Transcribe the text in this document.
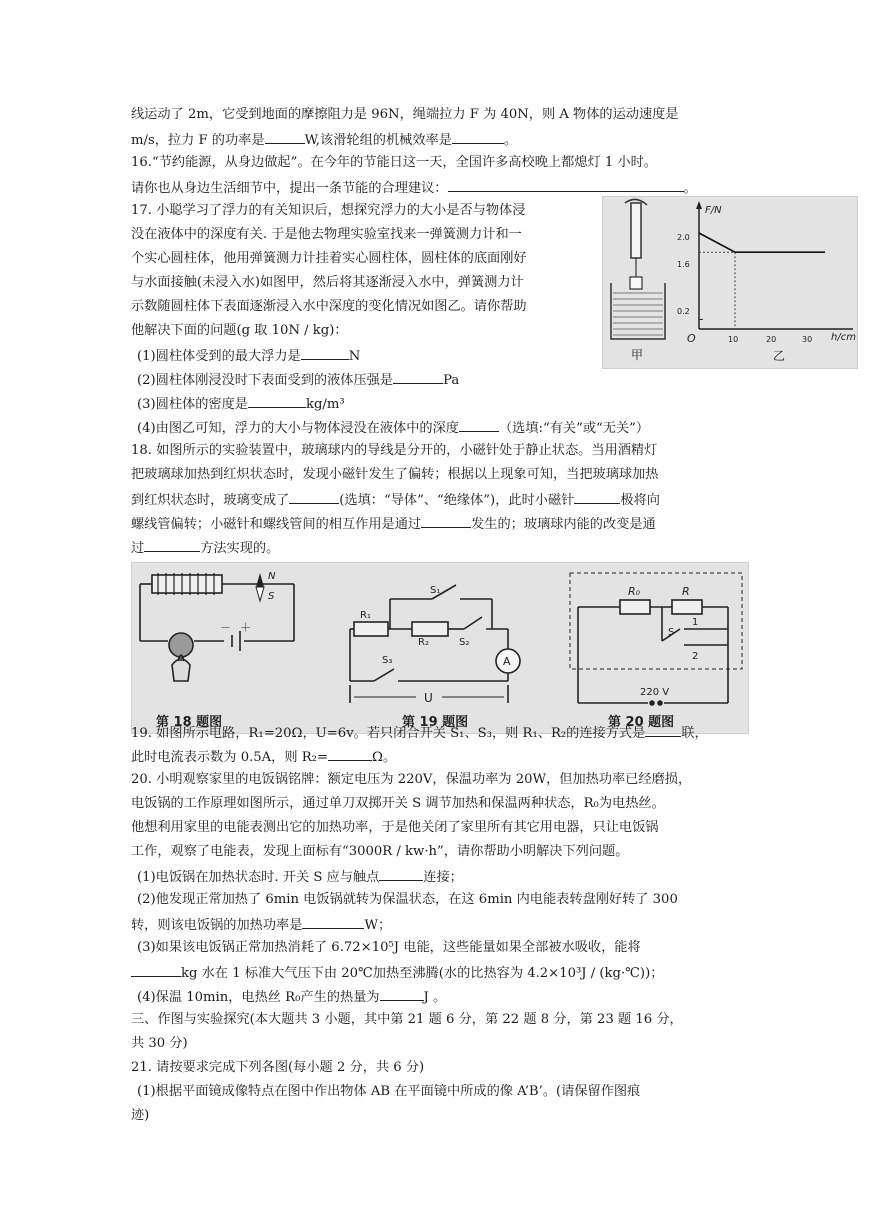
线运动了 2m，它受到地面的摩擦阻力是 96N，绳端拉力 F 为 40N，则 A 物体的运动速度是
m/s，拉力 F 的功率是	W,该滑轮组的机械效率是	。
16.“节约能源，从身边做起”。在今年的节能日这一天，全国许多高校晚上都熄灯 1 小时。
请你也从身边生活细节中，提出一条节能的合理建议：	。
17. 小聪学习了浮力的有关知识后，想探究浮力的大小是否与物体浸
没在液体中的深度有关. 于是他去物理实验室找来一弹簧测力计和一
个实心圆柱体，他用弹簧测力计挂着实心圆柱体，圆柱体的底面刚好
与水面接触(未浸入水)如图甲，然后将其逐渐浸入水中，弹簧测力计
示数随圆柱体下表面逐渐浸入水中深度的变化情况如图乙。请你帮助
他解决下面的问题(g 取 10N / kg)：
(1)圆柱体受到的最大浮力是	N
(2)圆柱体刚浸没时下表面受到的液体压强是	Pa
(3)圆柱体的密度是	kg/m³
(4)由图乙可知，浮力的大小与物体浸没在液体中的深度	（选填:“有关”或“无关”）
甲
F/N
h/cm
O
2.0
1.6
0.2
10	20	30
乙
18. 如图所示的实验装置中，玻璃球内的导线是分开的，小磁针处于静止状态。当用酒精灯
把玻璃球加热到红炽状态时，发现小磁针发生了偏转；根据以上现象可知，当把玻璃球加热
到红炽状态时，玻璃变成了	(选填：“导体”、“绝缘体”)，此时小磁针	极将向
螺线管偏转；小磁针和螺线管间的相互作用是通过	发生的；玻璃球内能的改变是通
过	方法实现的。
N
S
－ ＋
第 18 题图
S₁
R₁
R₂	S₂
S₃	A
U
第 19 题图
R₀	R
S
1
2
220 V
第 20 题图
19. 如图所示电路，R₁=20Ω，U=6v。若只闭合开关 S₁、S₃，则 R₁、R₂的连接方式是	联，
此时电流表示数为 0.5A，则 R₂=	Ω。
20. 小明观察家里的电饭锅铭牌：额定电压为 220V，保温功率为 20W，但加热功率已经磨损，
电饭锅的工作原理如图所示，通过单刀双掷开关 S 调节加热和保温两种状态，R₀为电热丝。
他想利用家里的电能表测出它的加热功率，于是他关闭了家里所有其它用电器，只让电饭锅
工作，观察了电能表，发现上面标有“3000R / kw·h”，请你帮助小明解决下列问题。
(1)电饭锅在加热状态时. 开关 S 应与触点	连接；
(2)他发现正常加热了 6min 电饭锅就转为保温状态，在这 6min 内电能表转盘刚好转了 300
转，则该电饭锅的加热功率是	W；
(3)如果该电饭锅正常加热消耗了 6.72×10⁵J 电能，这些能量如果全部被水吸收，能将
kg 水在 1 标准大气压下由 20℃加热至沸腾(水的比热容为 4.2×10³J / (kg·℃))；
(4)保温 10min，电热丝 R₀产生的热量为	J 。
三、作图与实验探究(本大题共 3 小题，其中第 21 题 6 分，第 22 题 8 分，第 23 题 16 分，
共 30 分)
21. 请按要求完成下列各图(每小题 2 分，共 6 分)
(1)根据平面镜成像特点在图中作出物体 AB 在平面镜中所成的像 A’B’。(请保留作图痕
迹)
